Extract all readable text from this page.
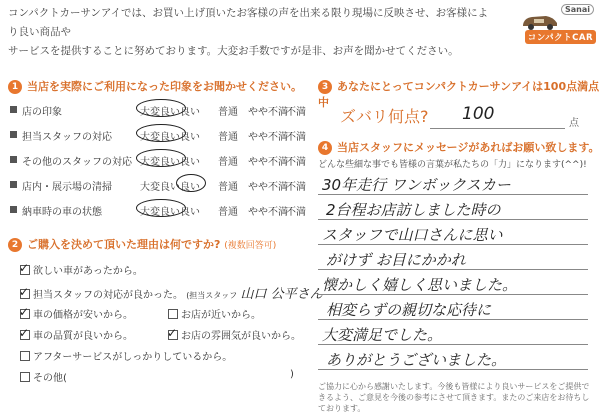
コンパクトカーサンアイでは、お買い上げ頂いたお客様の声を出来る限り現場に反映させ、お客様により良い商品や
サービスを提供することに努めております。大変お手数ですが是非、お声を聞かせてください。
Sanai
コンパクトCAR
1 当店を実際にご利用になった印象をお聞かせください。
店の印象	大変良い 良い 普通 やや不満
不満
担当スタッフの対応	大変良い 良い 普通 やや不満
不満
その他のスタッフの対応 大変良い 良い 普通 やや不満
不満
店内・展示場の清掃	大変良い 良い 普通 やや不満
不満
納車時の車の状態	大変良い 良い 普通 やや不満
不満
2 ご購入を決めて頂いた理由は何ですか? (複数回答可)
✓ 欲しい車があったから。
✓ 担当スタッフの対応が良かった。 (担当スタッフ 山口 公平さん
✓ 車の価格が安いから。	お店が近いから。
✓ 車の品質が良いから。	✓ お店の雰囲気が良いから。
アフターサービスがしっかりしているから。
その他(	)
3 あなたにとってコンパクトカーサンアイは100点満点中
ズバリ何点? 100	点
4 当店スタッフにメッセージがあればお願い致します。
どんな些細な事でも皆様の言葉が私たちの「力」になります(^^)!
30年走行 ワンボックスカー
2台程お店訪しました時の
スタッフで山口さんに思い
がけず お目にかかれ
懐かしく嬉しく思いました。
相変らずの親切な応待に
大変満足でした。
ありがとうございました。
ご協力に心から感謝いたします。今後も皆様により良いサービスをご提供できるよう、ご意見を今後の参考にさせて頂きます。またのご来店をお待ちしております。
